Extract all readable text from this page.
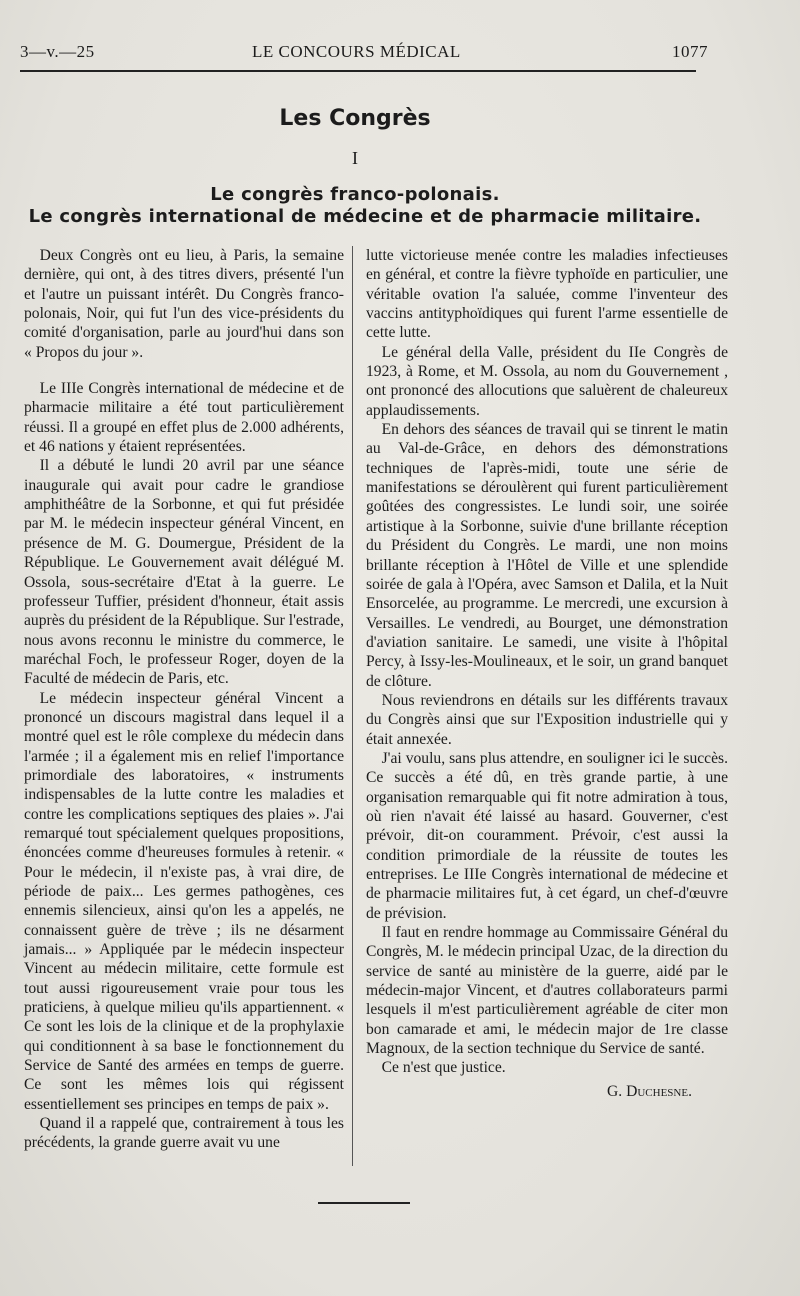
3—v.—25	LE CONCOURS MÉDICAL	1077
Les Congrès
I
Le congrès franco-polonais.
Le congrès international de médecine et de pharmacie militaire.

Deux Congrès ont eu lieu, à Paris, la semaine dernière, qui ont, à des titres divers, présenté l'un et l'autre un puissant intérêt. Du Congrès franco-polonais, Noir, qui fut l'un des vice-présidents du comité d'organisation, parle au jourd'hui dans son « Propos du jour ».

Le IIIe Congrès international de médecine et de pharmacie militaire a été tout particulièrement réussi. Il a groupé en effet plus de 2.000 adhérents, et 46 nations y étaient représentées.

Il a débuté le lundi 20 avril par une séance inaugurale qui avait pour cadre le grandiose amphithéâtre de la Sorbonne, et qui fut présidée par M. le médecin inspecteur général Vincent, en présence de M. G. Doumergue, Président de la République. Le Gouvernement avait délégué M. Ossola, sous-secrétaire d'Etat à la guerre. Le professeur Tuffier, président d'honneur, était assis auprès du président de la République. Sur l'estrade, nous avons reconnu le ministre du commerce, le maréchal Foch, le professeur Roger, doyen de la Faculté de médecin de Paris, etc.

Le médecin inspecteur général Vincent a prononcé un discours magistral dans lequel il a montré quel est le rôle complexe du médecin dans l'armée ; il a également mis en relief l'importance primordiale des laboratoires, « instruments indispensables de la lutte contre les maladies et contre les complications septiques des plaies ». J'ai remarqué tout spécialement quelques propositions, énoncées comme d'heureuses formules à retenir. « Pour le médecin, il n'existe pas, à vrai dire, de période de paix... Les germes pathogènes, ces ennemis silencieux, ainsi qu'on les a appelés, ne connaissent guère de trève ; ils ne désarment jamais... » Appliquée par le médecin inspecteur Vincent au médecin militaire, cette formule est tout aussi rigoureusement vraie pour tous les praticiens, à quelque milieu qu'ils appartiennent. « Ce sont les lois de la clinique et de la prophylaxie qui conditionnent à sa base le fonctionnement du Service de Santé des armées en temps de guerre. Ce sont les mêmes lois qui régissent essentiellement ses principes en temps de paix ».

Quand il a rappelé que, contrairement à tous les précédents, la grande guerre avait vu une

lutte victorieuse menée contre les maladies infectieuses en général, et contre la fièvre typhoïde en particulier, une véritable ovation l'a saluée, comme l'inventeur des vaccins antityphoïdiques qui furent l'arme essentielle de cette lutte.

Le général della Valle, président du IIe Congrès de 1923, à Rome, et M. Ossola, au nom du Gouvernement , ont prononcé des allocutions que saluèrent de chaleureux applaudissements.

En dehors des séances de travail qui se tinrent le matin au Val-de-Grâce, en dehors des démonstrations techniques de l'après-midi, toute une série de manifestations se déroulèrent qui furent particulièrement goûtées des congressistes. Le lundi soir, une soirée artistique à la Sorbonne, suivie d'une brillante réception du Président du Congrès. Le mardi, une non moins brillante réception à l'Hôtel de Ville et une splendide soirée de gala à l'Opéra, avec Samson et Dalila, et la Nuit Ensorcelée, au programme. Le mercredi, une excursion à Versailles. Le vendredi, au Bourget, une démonstration d'aviation sanitaire. Le samedi, une visite à l'hôpital Percy, à Issy-les-Moulineaux, et le soir, un grand banquet de clôture.

Nous reviendrons en détails sur les différents travaux du Congrès ainsi que sur l'Exposition industrielle qui y était annexée.

J'ai voulu, sans plus attendre, en souligner ici le succès. Ce succès a été dû, en très grande partie, à une organisation remarquable qui fit notre admiration à tous, où rien n'avait été laissé au hasard. Gouverner, c'est prévoir, dit-on couramment. Prévoir, c'est aussi la condition primordiale de la réussite de toutes les entreprises. Le IIIe Congrès international de médecine et de pharmacie militaires fut, à cet égard, un chef-d'œuvre de prévision.

Il faut en rendre hommage au Commissaire Général du Congrès, M. le médecin principal Uzac, de la direction du service de santé au ministère de la guerre, aidé par le médecin-major Vincent, et d'autres collaborateurs parmi lesquels il m'est particulièrement agréable de citer mon bon camarade et ami, le médecin major de 1re classe Magnoux, de la section technique du Service de santé.

Ce n'est que justice.

G. Duchesne.
